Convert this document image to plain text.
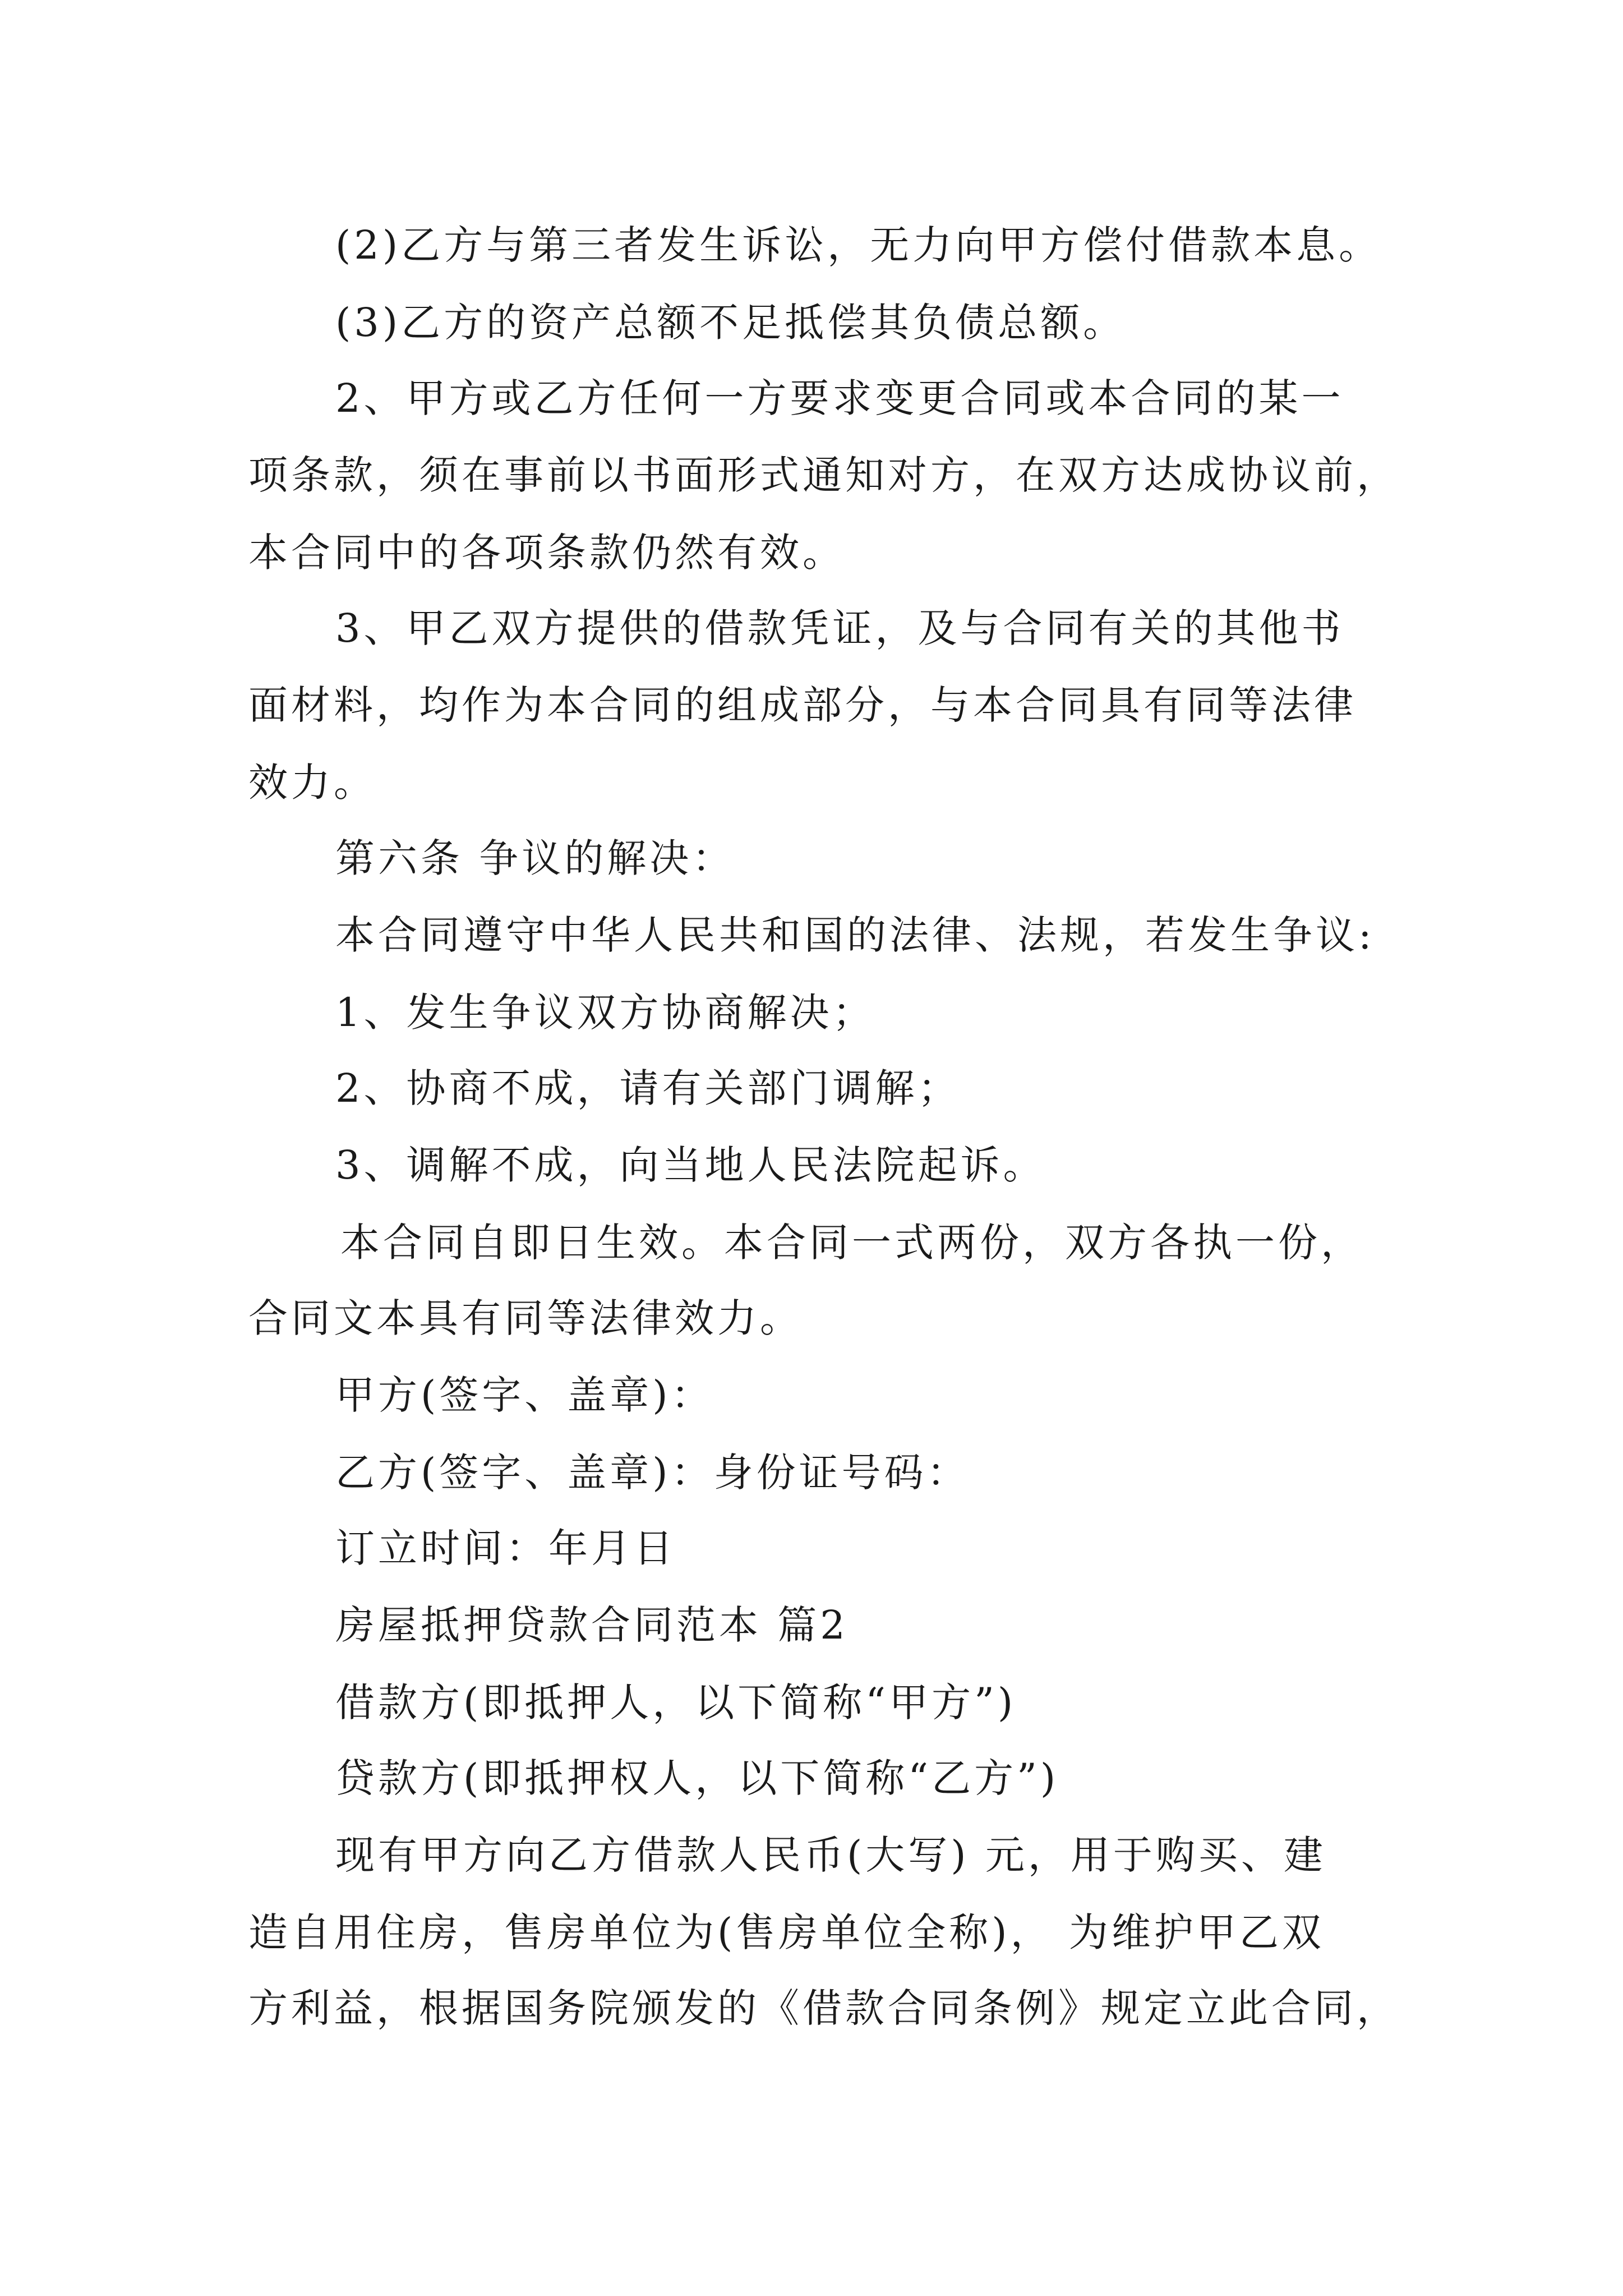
(2)乙方与第三者发生诉讼，无力向甲方偿付借款本息。
(3)乙方的资产总额不足抵偿其负债总额。
2、甲方或乙方任何一方要求变更合同或本合同的某一
项条款，须在事前以书面形式通知对方，在双方达成协议前，
本合同中的各项条款仍然有效。
3、甲乙双方提供的借款凭证，及与合同有关的其他书
面材料，均作为本合同的组成部分，与本合同具有同等法律
效力。
第六条 争议的解决：
本合同遵守中华人民共和国的法律、法规，若发生争议:
1、发生争议双方协商解决；
2、协商不成，请有关部门调解；
3、调解不成，向当地人民法院起诉。
本合同自即日生效。本合同一式两份，双方各执一份，
合同文本具有同等法律效力。
甲方(签字、盖章)：
乙方(签字、盖章)：身份证号码：
订立时间：年月日
房屋抵押贷款合同范本 篇2
借款方(即抵押人，以下简称“甲方”)
贷款方(即抵押权人，以下简称“乙方”)
现有甲方向乙方借款人民币(大写) 元，用于购买、建
造自用住房，售房单位为(售房单位全称)， 为维护甲乙双
方利益，根据国务院颁发的《借款合同条例》规定立此合同，
